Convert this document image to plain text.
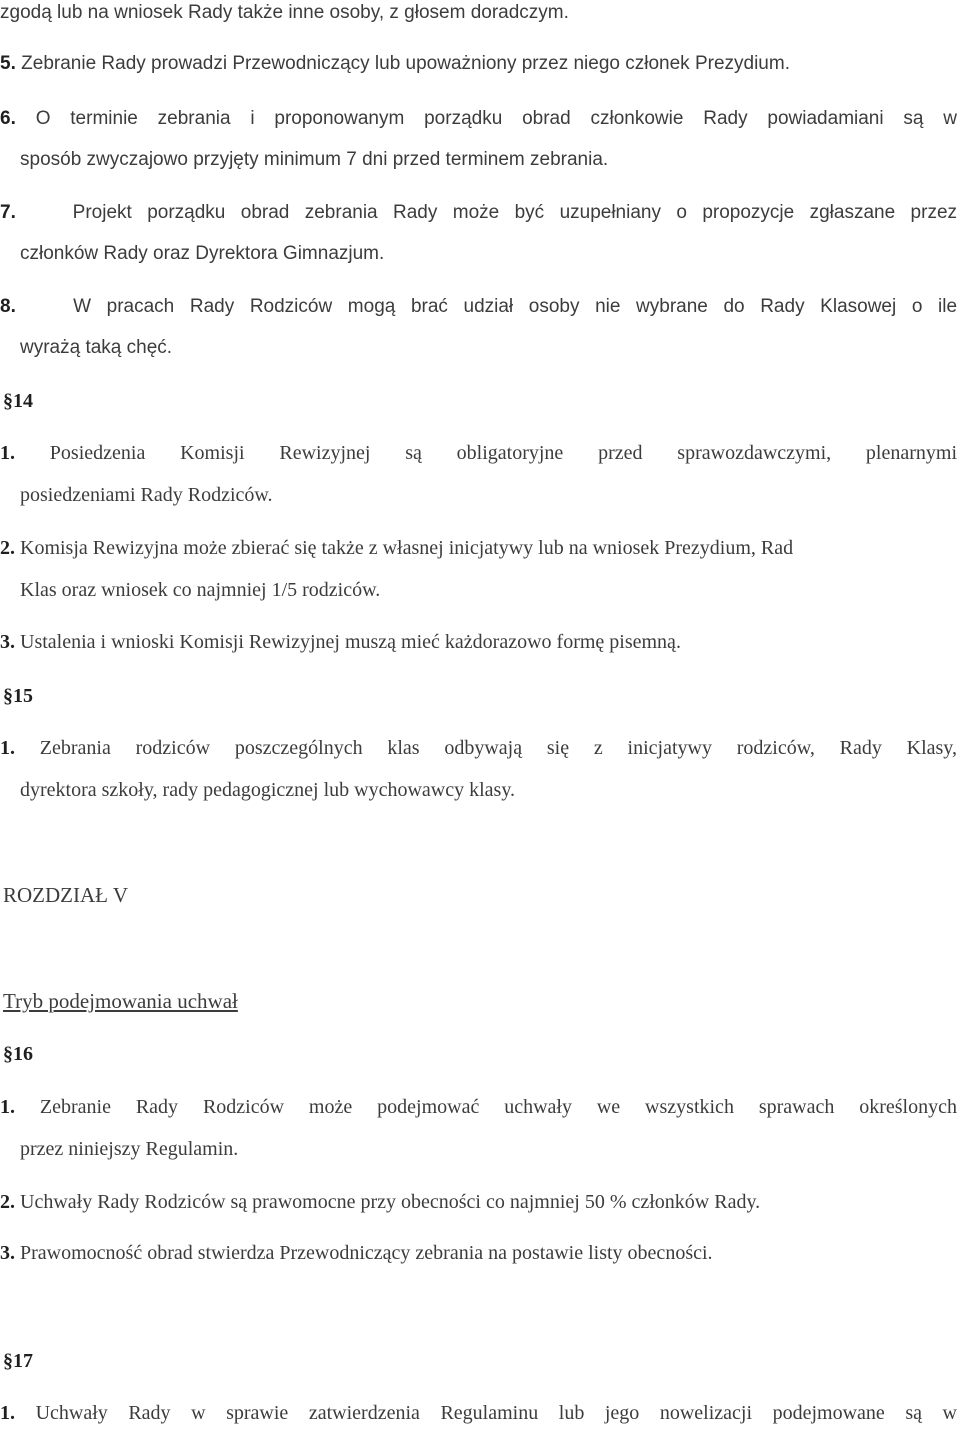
zgodą lub na wniosek Rady także inne osoby, z głosem doradczym.
5. Zebranie Rady prowadzi Przewodniczący lub upoważniony przez niego członek Prezydium.
6. O terminie zebrania i proponowanym porządku obrad członkowie Rady powiadamiani są w
sposób zwyczajowo przyjęty minimum 7 dni przed terminem zebrania.
7.	Projekt porządku obrad zebrania Rady może być uzupełniany o propozycje zgłaszane przez
członków Rady oraz Dyrektora Gimnazjum.
8.	W pracach Rady Rodziców mogą brać udział osoby nie wybrane do Rady Klasowej o ile
wyrażą taką chęć.
§14
1. Posiedzenia Komisji Rewizyjnej są obligatoryjne przed sprawozdawczymi, plenarnymi
posiedzeniami Rady Rodziców.
2. Komisja Rewizyjna może zbierać się także z własnej inicjatywy lub na wniosek Prezydium, Rad
Klas oraz wniosek co najmniej 1/5 rodziców.
3. Ustalenia i wnioski Komisji Rewizyjnej muszą mieć każdorazowo formę pisemną.
§15
1. Zebrania rodziców poszczególnych klas odbywają się z inicjatywy rodziców, Rady Klasy,
dyrektora szkoły, rady pedagogicznej lub wychowawcy klasy.
ROZDZIAŁ V
Tryb podejmowania uchwał
§16
1. Zebranie Rady Rodziców może podejmować uchwały we wszystkich sprawach określonych
przez niniejszy Regulamin.
2. Uchwały Rady Rodziców są prawomocne przy obecności co najmniej 50 % członków Rady.
3. Prawomocność obrad stwierdza Przewodniczący zebrania na postawie listy obecności.
§17
1. Uchwały Rady w sprawie zatwierdzenia Regulaminu lub jego nowelizacji podejmowane są w
